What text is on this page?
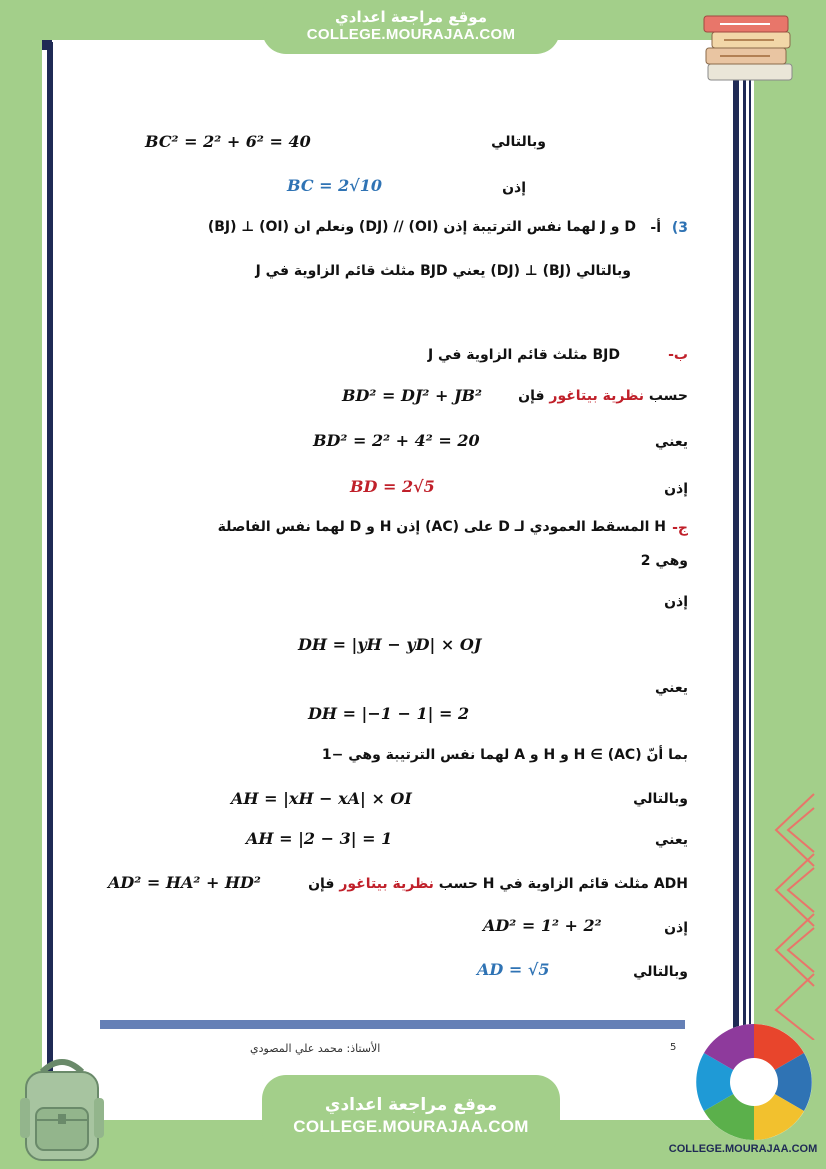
موقع مراجعة اعدادي
COLLEGE.MOURAJAA.COM
وبالتالي
BC² = 2² + 6² = 40
إذن
BC = 2√10
3)
أ-
D و J لهما نفس الترتيبة إذن (OI) // (DJ) ونعلم ان (OI) ⊥ (BJ)
وبالتالي (BJ) ⊥ (DJ) يعني BJD مثلث قائم الزاوية في J
ب-
BJD مثلث قائم الزاوية في J
حسب نظرية بيتاغور فإن
BD² = DJ² + JB²
يعني
BD² = 2² + 4² = 20
إذن
BD = 2√5
ج-
H المسقط العمودي لـ D على (AC) إذن H و D لهما نفس الفاصلة
وهي 2
إذن
DH = |yH − yD| × OJ
يعني
DH = |−1 − 1| = 2
بما أنّ H ∈ (AC) و H و A لهما نفس الترتيبة وهي −1
وبالتالي
AH = |xH − xA| × OI
يعني
AH = |2 − 3| = 1
ADH مثلث قائم الزاوية في H حسب نظرية بيتاغور فإن
AD² = HA² + HD²
إذن
AD² = 1² + 2²
وبالتالي
AD = √5
الأستاذ: محمد علي المصودي	5
موقع مراجعة اعدادي
COLLEGE.MOURAJAA.COM
COLLEGE.MOURAJAA.COM
